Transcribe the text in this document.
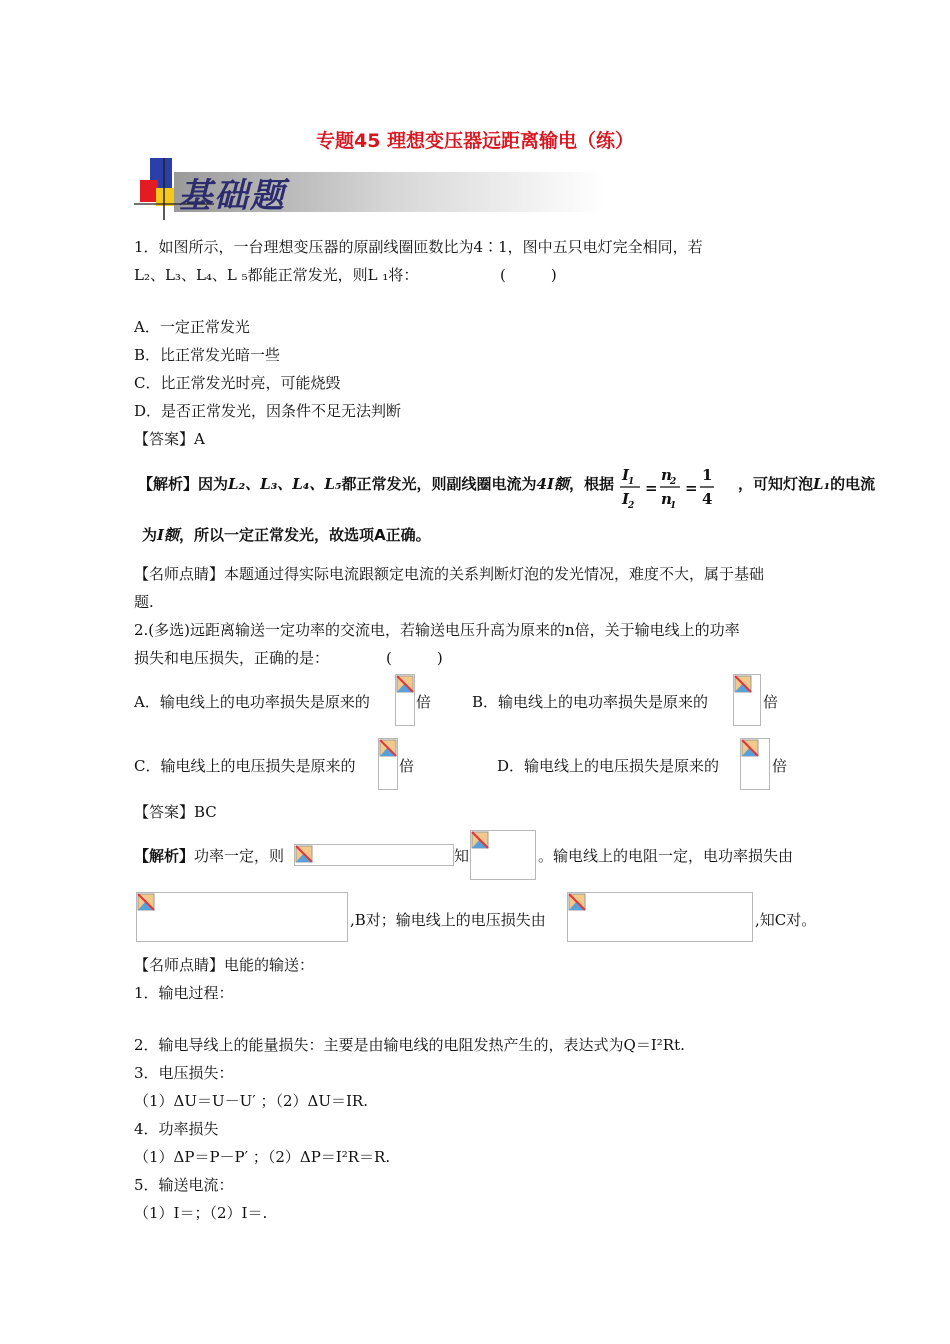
专题45 理想变压器远距离输电（练）
基础题
1．如图所示，一台理想变压器的原副线圈匝数比为4∶1，图中五只电灯完全相同，若
L₂、L₃、L₄、L ₅都能正常发光，则L ₁将：	(　　　)
A．一定正常发光
B．比正常发光暗一些
C．比正常发光时亮，可能烧毁
D．是否正常发光，因条件不足无法判断
【答案】A
【解析】因为L₂、L₃、L₄、L₅都正常发光，则副线圈电流为4I额，根据 I
1
I
2
=
n
2
n
1
=
1
4
，可知灯泡L₁的电流
为I额，所以一定正常发光，故选项A正确。
【名师点睛】本题通过得实际电流跟额定电流的关系判断灯泡的发光情况，难度不大，属于基础
题.
2.(多选)远距离输送一定功率的交流电，若输送电压升高为原来的n倍，关于输电线上的功率
损失和电压损失，正确的是：	(　　　)
A．输电线上的电功率损失是原来的	倍	B．输电线上的电功率损失是原来的	倍
C．输电线上的电压损失是原来的	倍	D．输电线上的电压损失是原来的	倍
【答案】BC
【解析】功率一定，则	知	。输电线上的电阻一定，电功率损失由
,B对；输电线上的电压损失由	,知C对。
【名师点睛】电能的输送：
1．输电过程：
2．输电导线上的能量损失：主要是由输电线的电阻发热产生的，表达式为Q＝I²Rt.
3．电压损失：
（1）ΔU＝U－U′ ；（2）ΔU＝IR.
4．功率损失
（1）ΔP＝P－P′ ；（2）ΔP＝I²R＝R.
5．输送电流：
（1）I＝；（2）I＝.
